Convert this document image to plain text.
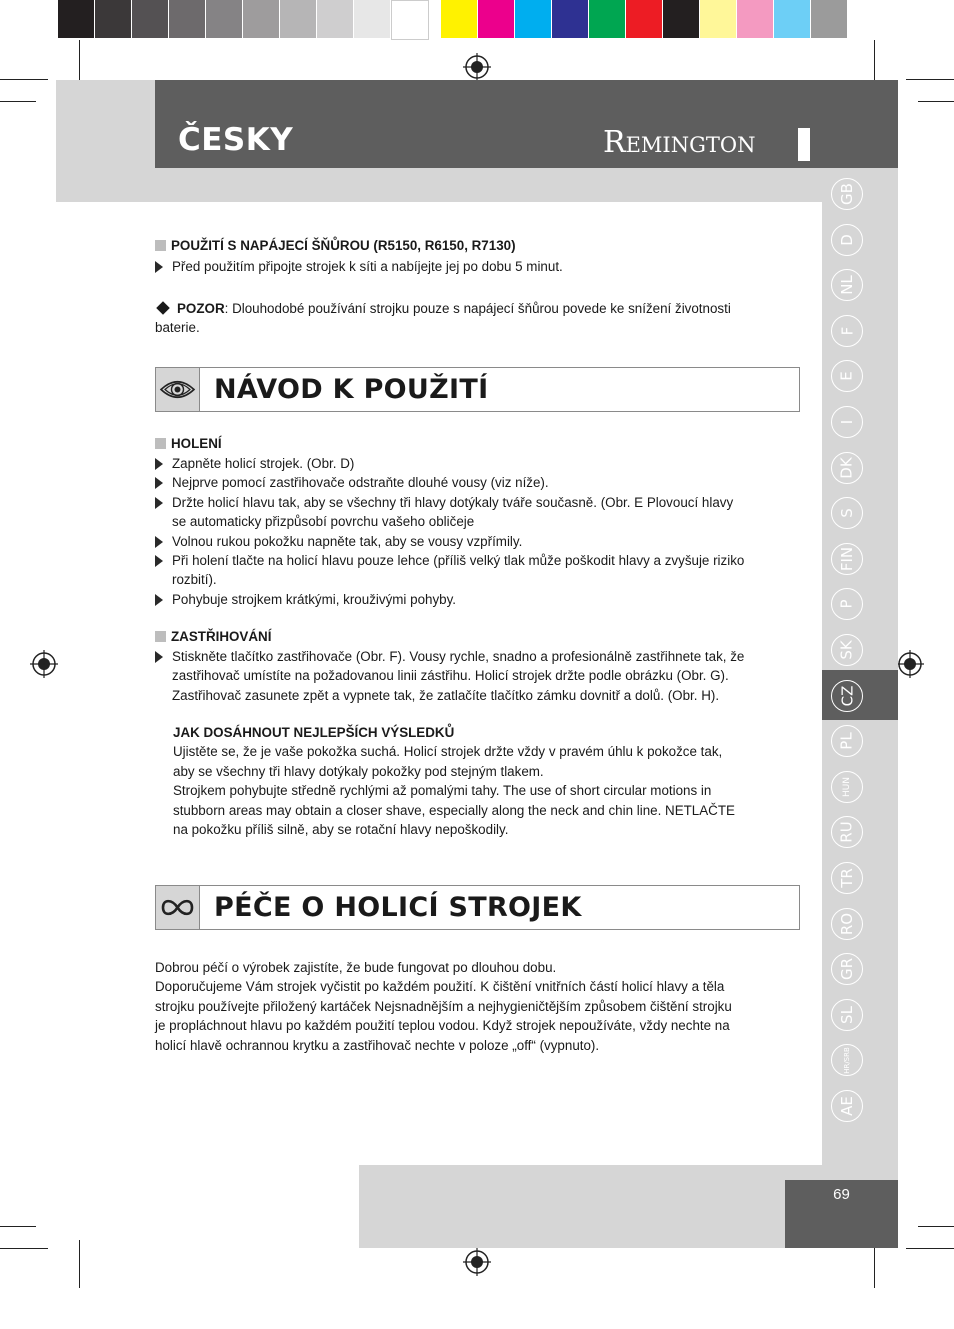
ČESKY	Remington
GB
D
NL
F
E
I
DK
S
FIN
P
SK
CZ
PL
HUN
RU
TR
RO
GR
SL
HR/SRB
AE
69
POUŽITÍ S NAPÁJECÍ ŠŇŮROU (R5150, R6150, R7130)
Před použitím připojte strojek k síti a nabíjejte jej po dobu 5 minut.
POZOR: Dlouhodobé používání strojku pouze s napájecí šňůrou povede ke snížení životnosti
baterie.
NÁVOD K POUŽITÍ
HOLENÍ
Zapněte holicí strojek. (Obr. D)
Nejprve pomocí zastřihovače odstraňte dlouhé vousy (viz níže).
Držte holicí hlavu tak, aby se všechny tři hlavy dotýkaly tváře současně. (Obr. E Plovoucí hlavy
se automaticky přizpůsobí povrchu vašeho obličeje
Volnou rukou pokožku napněte tak, aby se vousy vzpřímily.
Při holení tlačte na holicí hlavu pouze lehce (příliš velký tlak může poškodit hlavy a zvyšuje riziko
rozbití).
Pohybuje strojkem krátkými, krouživými pohyby.
ZASTŘIHOVÁNÍ
Stiskněte tlačítko zastřihovače (Obr. F). Vousy rychle, snadno a profesionálně zastřihnete tak, že
zastřihovač umístíte na požadovanou linii zástřihu. Holicí strojek držte podle obrázku (Obr. G).
Zastřihovač zasunete zpět a vypnete tak, že zatlačíte tlačítko zámku dovnitř a dolů. (Obr. H).
JAK DOSÁHNOUT NEJLEPŠÍCH VÝSLEDKŮ
Ujistěte se, že je vaše pokožka suchá. Holicí strojek držte vždy v pravém úhlu k pokožce tak,
aby se všechny tři hlavy dotýkaly pokožky pod stejným tlakem.
Strojkem pohybujte středně rychlými až pomalými tahy. The use of short circular motions in
stubborn areas may obtain a closer shave, especially along the neck and chin line. NETLAČTE
na pokožku příliš silně, aby se rotační hlavy nepoškodily.
PÉČE O HOLICÍ STROJEK
Dobrou péčí o výrobek zajistíte, že bude fungovat po dlouhou dobu.
Doporučujeme Vám strojek vyčistit po každém použití. K čištění vnitřních částí holicí hlavy a těla
strojku používejte přiložený kartáček Nejsnadnějším a nejhygieničtějším způsobem čištění strojku
je propláchnout hlavu po každém použití teplou vodou. Když strojek nepoužíváte, vždy nechte na
holicí hlavě ochrannou krytku a zastřihovač nechte v poloze „off“ (vypnuto).
